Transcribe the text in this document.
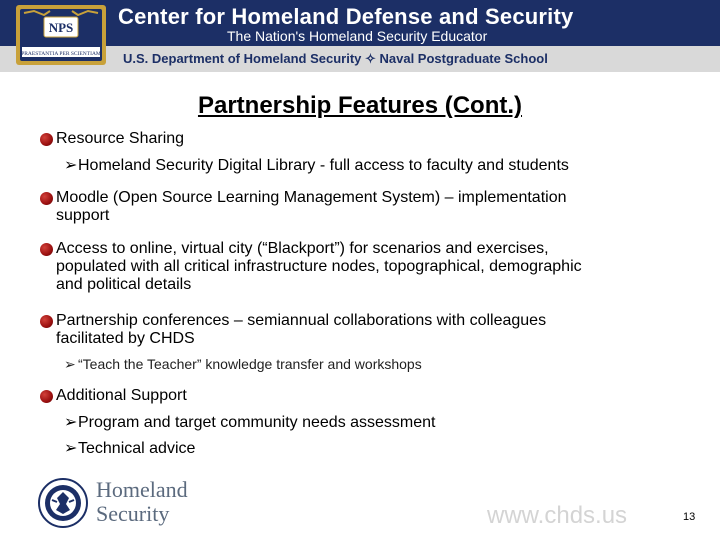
Center for Homeland Defense and Security
The Nation's Homeland Security Educator
U.S. Department of Homeland Security ✧ Naval Postgraduate School
NPS
PRAESTANTIA PER SCIENTIAM
Partnership Features (Cont.)
Resource Sharing
➢Homeland Security Digital Library - full access to faculty and students
Moodle (Open Source Learning Management System) – implementation
support
Access to online, virtual city (“Blackport”) for scenarios and exercises,
populated with all critical infrastructure nodes, topographical, demographic
and political details
Partnership conferences – semiannual collaborations with colleagues
facilitated by CHDS
➢ “Teach the Teacher” knowledge transfer and workshops
Additional Support
➢Program and target community needs assessment
➢Technical advice
Homeland
Security	www.chds.us	13
